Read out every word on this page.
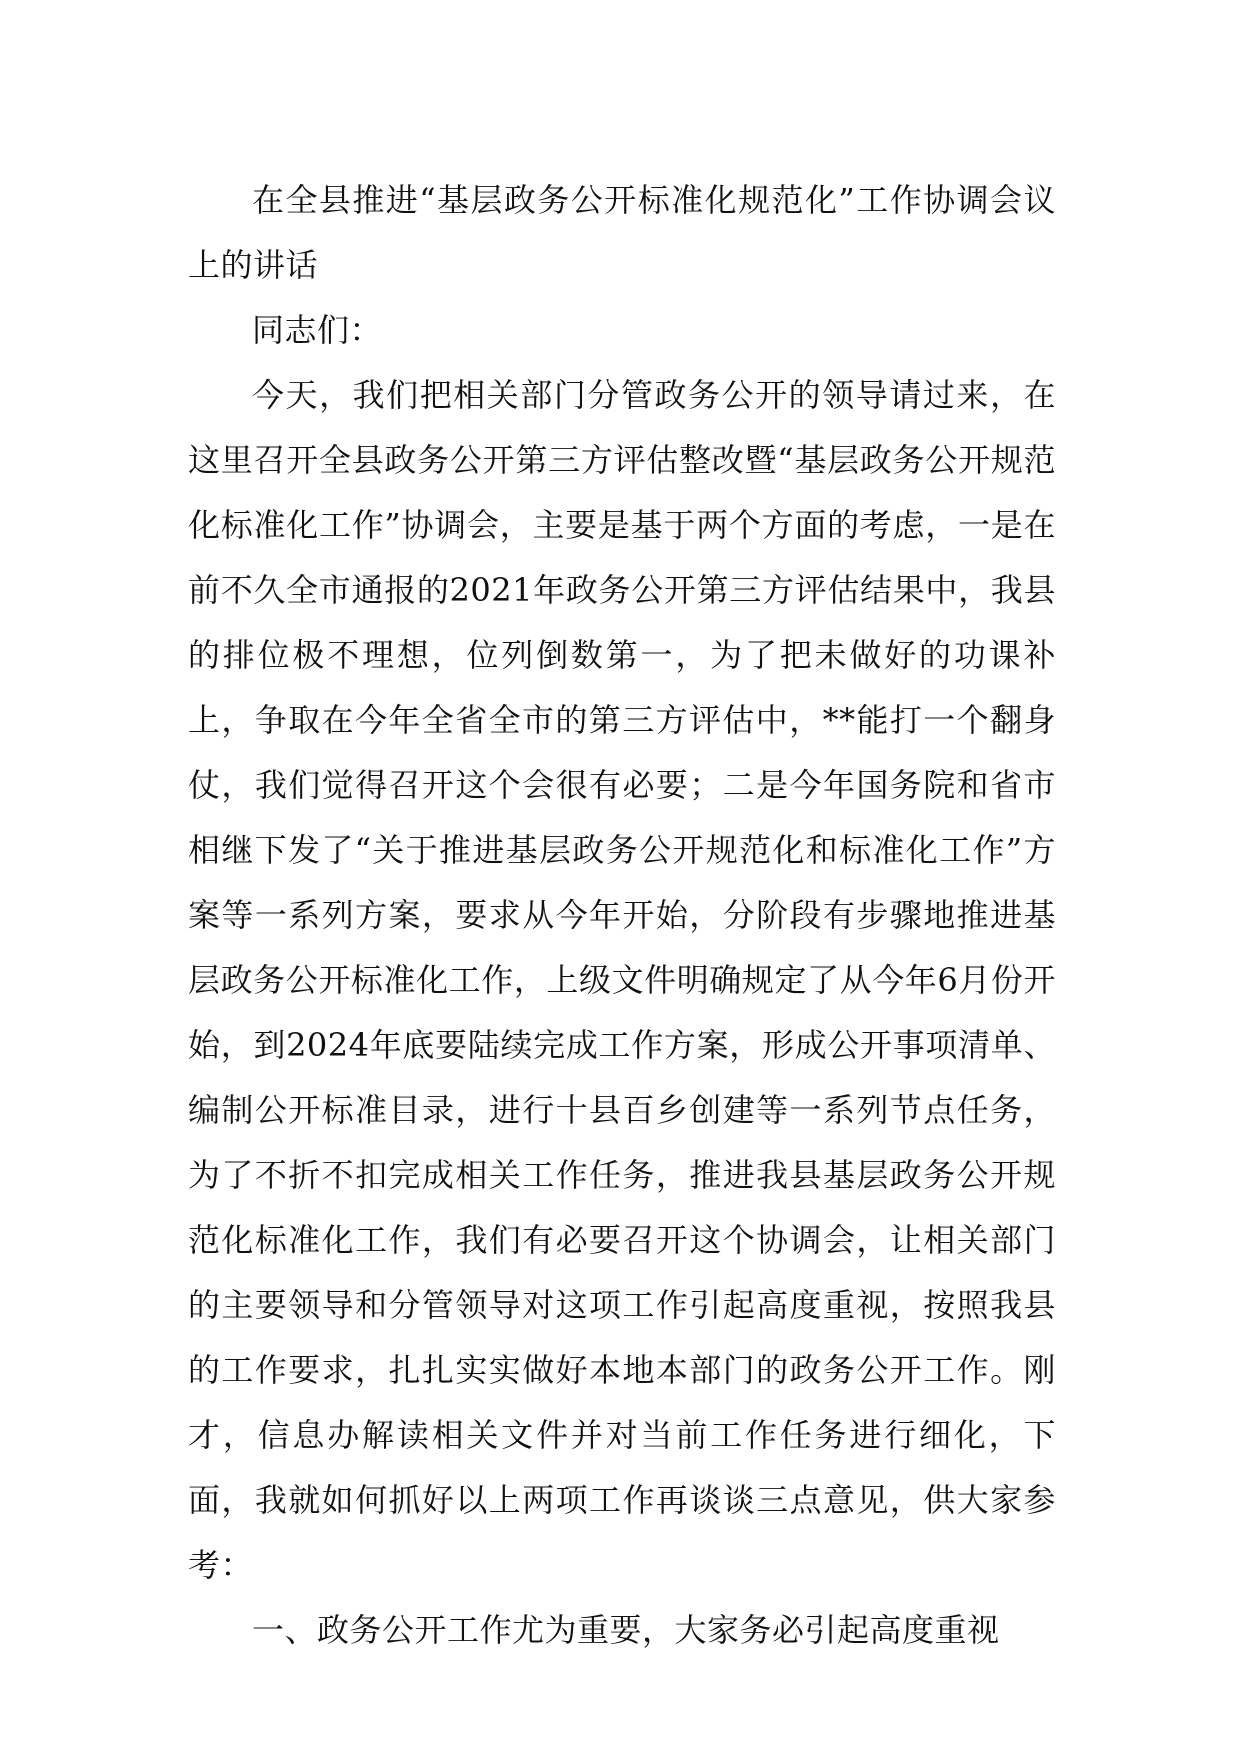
在全县推进“基层政务公开标准化规范化”工作协调会议上的讲话

同志们：

今天，我们把相关部门分管政务公开的领导请过来，在这里召开全县政务公开第三方评估整改暨“基层政务公开规范化标准化工作”协调会，主要是基于两个方面的考虑，一是在前不久全市通报的2021年政务公开第三方评估结果中，我县的排位极不理想，位列倒数第一，为了把未做好的功课补上，争取在今年全省全市的第三方评估中，**能打一个翻身仗，我们觉得召开这个会很有必要；二是今年国务院和省市相继下发了“关于推进基层政务公开规范化和标准化工作”方案等一系列方案，要求从今年开始，分阶段有步骤地推进基层政务公开标准化工作，上级文件明确规定了从今年6月份开始，到2024年底要陆续完成工作方案，形成公开事项清单、编制公开标准目录，进行十县百乡创建等一系列节点任务，为了不折不扣完成相关工作任务，推进我县基层政务公开规范化标准化工作，我们有必要召开这个协调会，让相关部门的主要领导和分管领导对这项工作引起高度重视，按照我县的工作要求，扎扎实实做好本地本部门的政务公开工作。刚才，信息办解读相关文件并对当前工作任务进行细化，下面，我就如何抓好以上两项工作再谈谈三点意见，供大家参考：

一、政务公开工作尤为重要，大家务必引起高度重视
